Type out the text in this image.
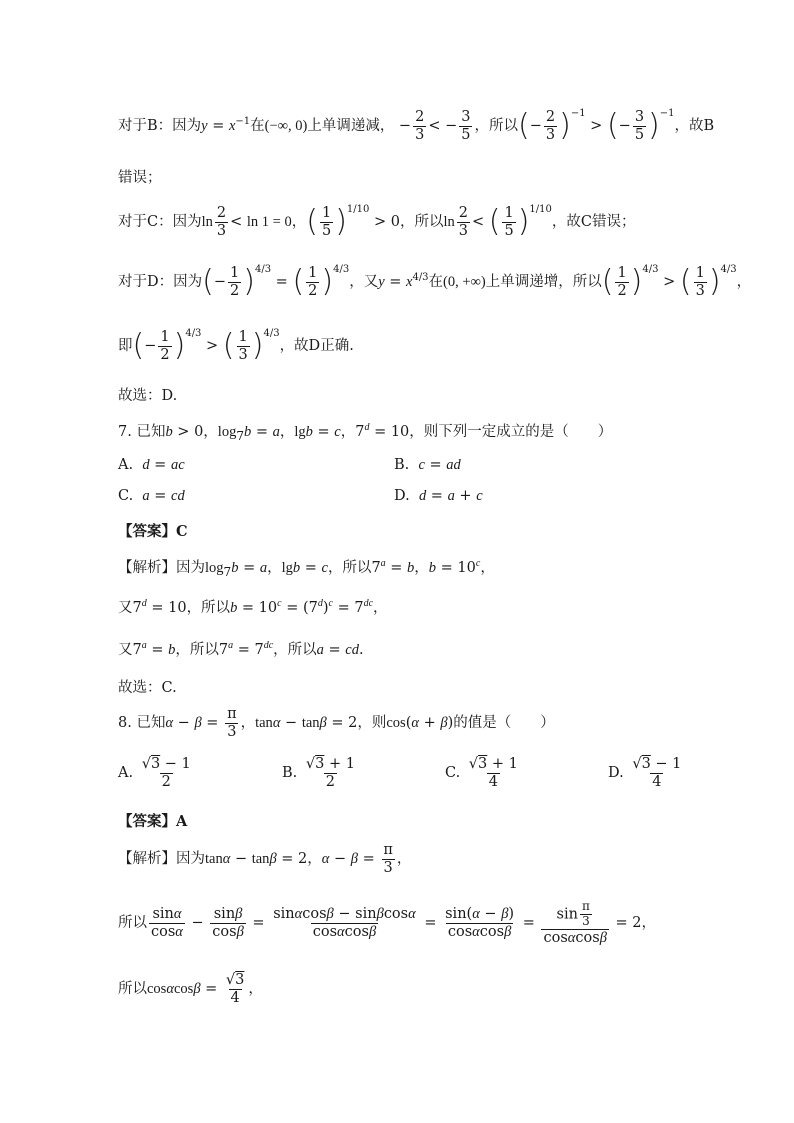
对于B：因为$y = x^{-1}$在(−∞, 0)上单调递减， − $\frac{2}{3}$ < − $\frac{3}{5}$ ，所以(− $\frac{2}{3} )^{-1}$ > (− $\frac{3}{5} )^{-1}$，故B
错误；
对于C：因为$\ln \frac{2}{3} < \ln 1 = 0$，( $\frac{1}{5} )^{1/10} > 0$，所以$\ln \frac{2}{3}$ < ( $\frac{1}{5} )^{1/10}$，故C错误；
对于D：因为(− $\frac{1}{2} )^{4/3}$ = ( $\frac{1}{2} )^{4/3}$，又$y = x^{4/3}$在(0, +∞)上单调递增，所以( $\frac{1}{2} )^{4/3}$ > ( $\frac{1}{3} )^{4/3}$，
即(− $\frac{1}{2} )^{4/3}$ > ( $\frac{1}{3} )^{4/3}$，故D正确.
故选：D.
7. 已知b > 0，$\log_7b = a$，lgb = c，$7^d = 10$，则下列一定成立的是（　　）
A. d = ac	B. c = ad
C. a = cd	D. d = a + c
【答案】C
【解析】因为$\log_7b = a$，lgb = c，所以$7^a = b$，$b = 10^c$，
又$7^d = 10$，所以$b = 10^c = (7^d)^c = 7^{dc}$，
又$7^a = b$，所以$7^a = 7^{dc}$，所以a = cd.
故选：C.
8. 已知$\alpha - \beta = \frac{\pi}{3}$ ，tanα − tanβ = 2，则cos(α + β)的值是（　　）
A. $\frac{√3 - 1}{2}$	B. $\frac{√3 + 1}{2}$	C. $\frac{√3 + 1}{4}$	D. $\frac{√3 - 1}{4}$
【答案】A
【解析】因为tanα − tanβ = 2，$\alpha - \beta = \frac{\pi}{3}$ ，
所以 $\frac{\sin\alpha}{\cos\alpha} - \frac{\sin\beta}{\cos\beta} = \frac{\sin\alpha\cos\beta - \sin\beta\cos\alpha}{\cos\alpha\cos\beta} = \frac{\sin(\alpha - \beta)}{\cos\alpha\cos\beta} = \frac{\sin \frac{\pi}{3}}{\cos\alpha\cos\beta} = 2$，
所以$\cos\alpha\cos\beta = \frac{√3}{4}$ ，
